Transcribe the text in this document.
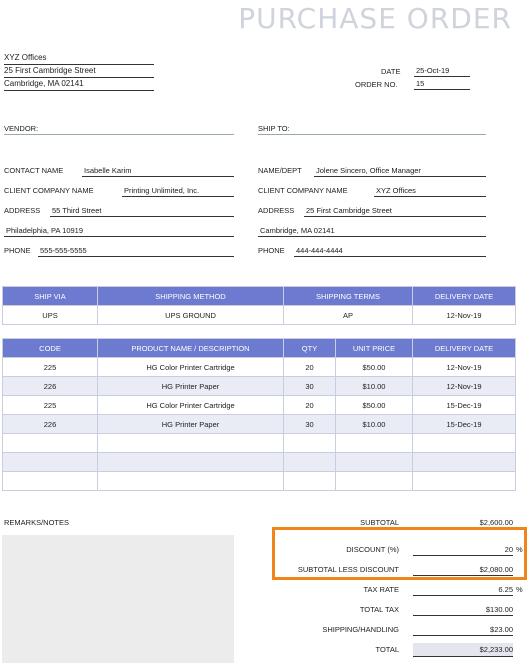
PURCHASE ORDER
XYZ Offices
25 First Cambridge Street
Cambridge, MA 02141
DATE 25-Oct-19
ORDER NO. 15
VENDOR:	SHIP TO:
CONTACT NAME	Isabelle Karim
CLIENT COMPANY NAME	Printing Unlimited, Inc.
ADDRESS 55 Third Street
Philadelphia, PA 10919
PHONE 555-555-5555
NAME/DEPT Jolene Sincero, Office Manager
CLIENT COMPANY NAME	XYZ Offices
ADDRESS 25 First Cambridge Street
Cambridge, MA 02141
PHONE 444-444-4444
SHIP VIA	SHIPPING METHOD	SHIPPING TERMS	DELIVERY DATE
UPS	UPS GROUND	AP	12-Nov-19
CODE	PRODUCT NAME / DESCRIPTION	QTY	UNIT PRICE	DELIVERY DATE
225	HG Color Printer Cartridge	20	$50.00	12-Nov-19
226	HG Printer Paper	30	$10.00	12-Nov-19
225	HG Color Printer Cartridge	20	$50.00	15-Dec-19
226	HG Printer Paper	30	$10.00	15-Dec-19

REMARKS/NOTES	SUBTOTAL	$2,600.00
DISCOUNT (%)	20 %
SUBTOTAL LESS DISCOUNT	$2,080.00
TAX RATE	6.25 %
TOTAL TAX	$130.00
SHIPPING/HANDLING	$23.00
TOTAL	$2,233.00
